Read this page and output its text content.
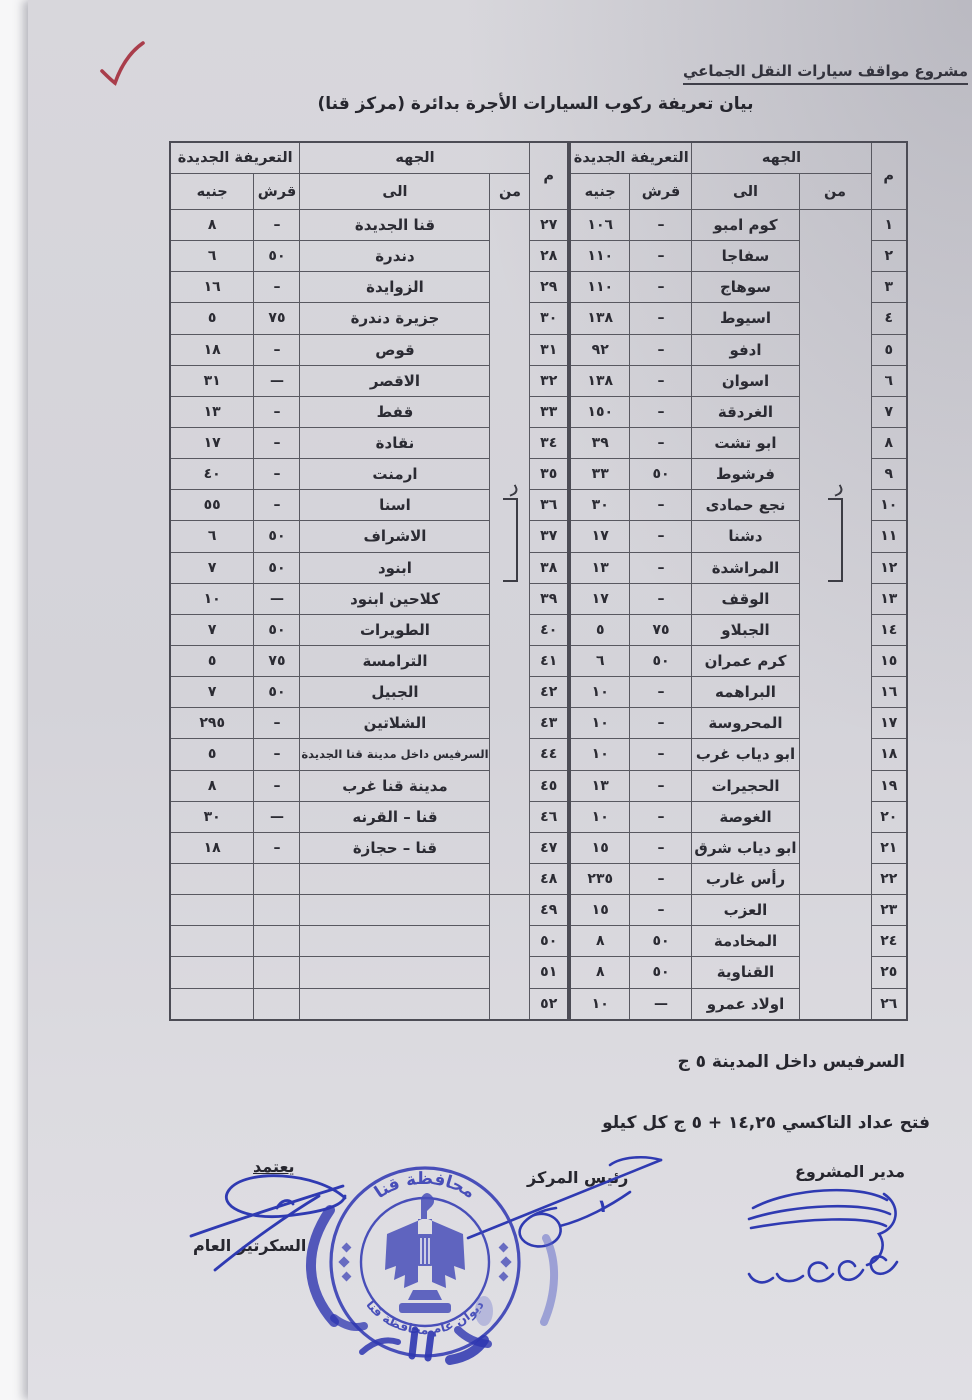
مشروع مواقف سيارات النقل الجماعي
بيان تعريفة ركوب السيارات الأجرة بدائرة (مركز قنا)
م	الجهه		التعريفة الجديدة	
	من	الى	قرش	جنيه
١		كوم امبو	–	١٠٦
٢		سفاجا	–	١١٠
٣		سوهاج	–	١١٠
٤		اسيوط	–	١٣٨
٥		ادفو	–	٩٢
٦		اسوان	–	١٣٨
٧		الغردقة	–	١٥٠
٨		ابو تشت	–	٣٩
٩		فرشوط	٥٠	٣٣
١٠		نجع حمادى	–	٣٠
١١		دشنا	–	١٧
١٢		المراشدة	–	١٣
١٣		الوقف	–	١٧
١٤		الجبلاو	٧٥	٥
١٥		كرم عمران	٥٠	٦
١٦		البراهمه	–	١٠
١٧		المحروسة	–	١٠
١٨		ابو دياب غرب	–	١٠
١٩		الحجيرات	–	١٣
٢٠		الغوصة	–	١٠
٢١		ابو دياب شرق	–	١٥
٢٢		رأس غارب	–	٢٣٥
٢٣		العزب	–	١٥
٢٤		المخادمة	٥٠	٨
٢٥		القناوية	٥٠	٨
٢٦		اولاد عمرو	—	١٠
م	الجهه		التعريفة الجديدة	
	من	الى	قرش	جنيه
٢٧		قنا الجديدة	–	٨
٢٨		دندرة	٥٠	٦
٢٩		الزوايدة	–	١٦
٣٠		جزيرة دندرة	٧٥	٥
٣١		قوص	–	١٨
٣٢		الاقصر	—	٣١
٣٣		قفط	–	١٣
٣٤		نقادة	–	١٧
٣٥		ارمنت	–	٤٠
٣٦		اسنا	–	٥٥
٣٧		الاشراف	٥٠	٦
٣٨		ابنود	٥٠	٧
٣٩		كلاحين ابنود	—	١٠
٤٠		الطويرات	٥٠	٧
٤١		الترامسة	٧٥	٥
٤٢		الجبيل	٥٠	٧
٤٣		الشلاتين	–	٢٩٥
٤٤		السرفيس داخل مدينة قنا الجديدة	–	٥
٤٥		مدينة قنا غرب	–	٨
٤٦		قنا – القرنه	—	٣٠
٤٧		قنا – حجازة	–	١٨
٤٨				
٤٩				
٥٠				
٥١				
٥٢				
السرفيس داخل المدينة ٥ ج
فتح عداد التاكسي ١٤,٢٥ + ٥ ج كل كيلو
مدير المشروع
رئيس المركز
يعتمد
السكرتير العام
١
محافظة قنا
ديوان عام محافظة قنا
